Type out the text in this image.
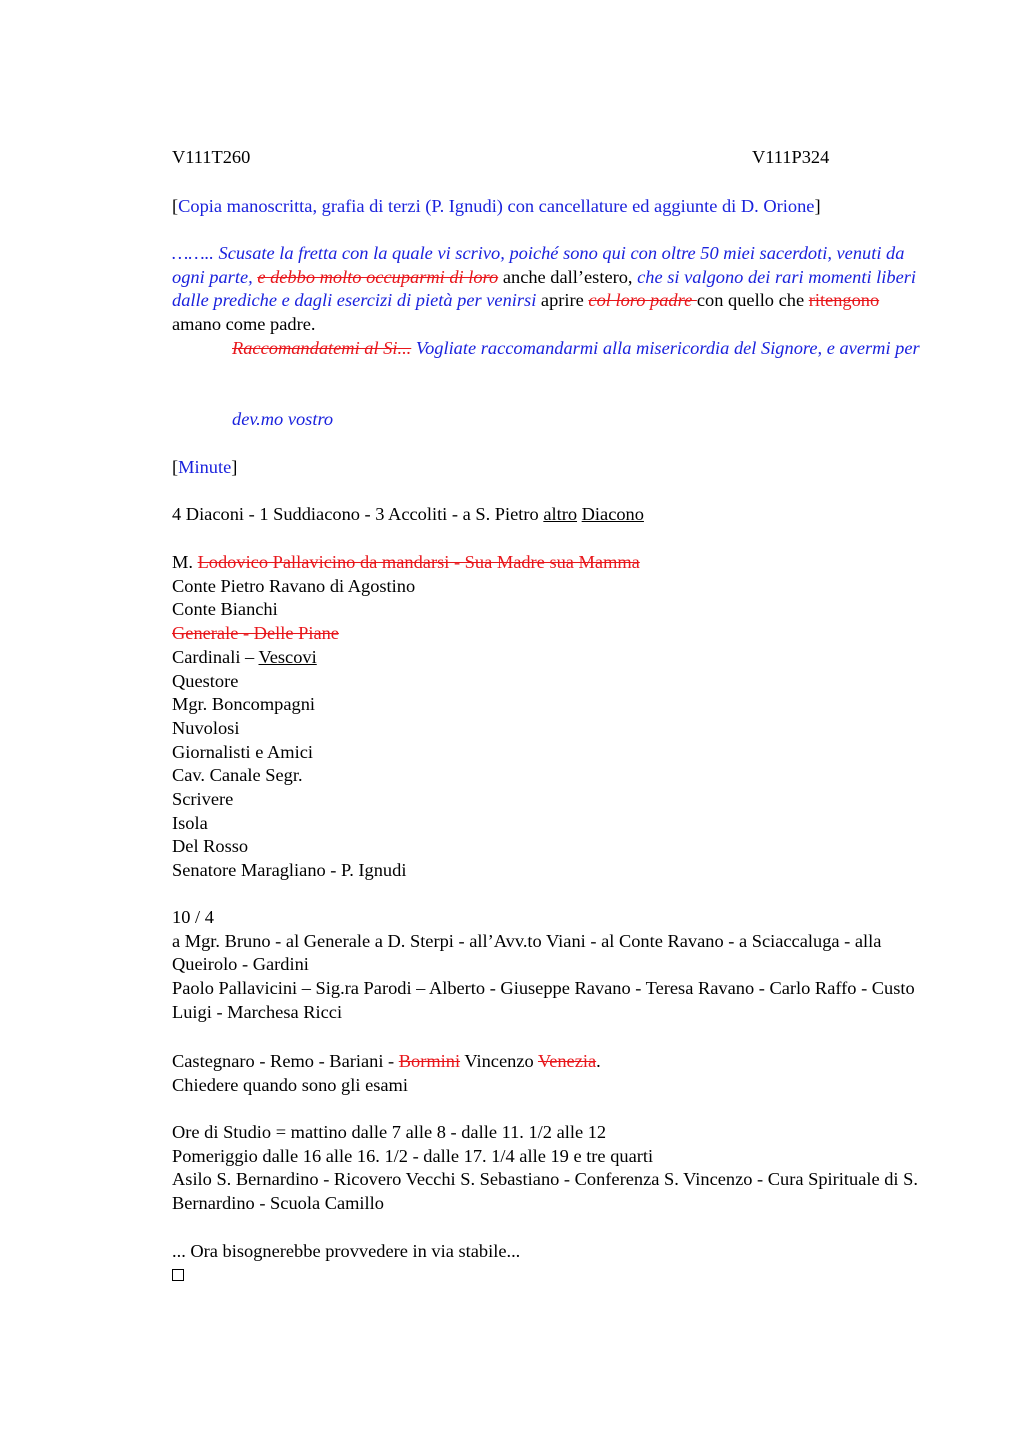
V111T260	V111P324
[Copia manoscritta, grafia di terzi (P. Ignudi) con cancellature ed aggiunte di D. Orione]
…….. Scusate la fretta con la quale vi scrivo, poiché sono qui con oltre 50 miei sacerdoti, venuti da ogni parte, e debbo molto occuparmi di loro anche dall’estero, che si valgono dei rari momenti liberi dalle prediche e dagli esercizi di pietà per venirsi aprire col loro padre con quello che ritengono amano come padre.
Raccomandatemi al Si... Vogliate raccomandarmi alla misericordia del Signore, e avermi per
dev.mo vostro
[Minute]
4 Diaconi - 1 Suddiacono - 3 Accoliti - a S. Pietro altro Diacono
M. Lodovico Pallavicino da mandarsi - Sua Madre sua Mamma
Conte Pietro Ravano di Agostino
Conte Bianchi
Generale - Delle Piane
Cardinali – Vescovi
Questore
Mgr. Boncompagni
Nuvolosi
Giornalisti e Amici
Cav. Canale Segr.
Scrivere
Isola
Del Rosso
Senatore Maragliano - P. Ignudi
10 / 4
a Mgr. Bruno - al Generale a D. Sterpi - all’Avv.to Viani - al Conte Ravano - a Sciaccaluga - alla Queirolo - Gardini
Paolo Pallavicini – Sig.ra Parodi – Alberto - Giuseppe Ravano - Teresa Ravano - Carlo Raffo - Custo Luigi - Marchesa Ricci
Castegnaro - Remo - Bariani - Bormini Vincenzo Venezia.
Chiedere quando sono gli esami
Ore di Studio = mattino dalle 7 alle 8 - dalle 11. 1/2 alle 12
Pomeriggio dalle 16 alle 16. 1/2 - dalle 17. 1/4 alle 19 e tre quarti
Asilo S. Bernardino - Ricovero Vecchi S. Sebastiano - Conferenza S. Vincenzo - Cura Spirituale di S. Bernardino - Scuola Camillo
... Ora bisognerebbe provvedere in via stabile...
